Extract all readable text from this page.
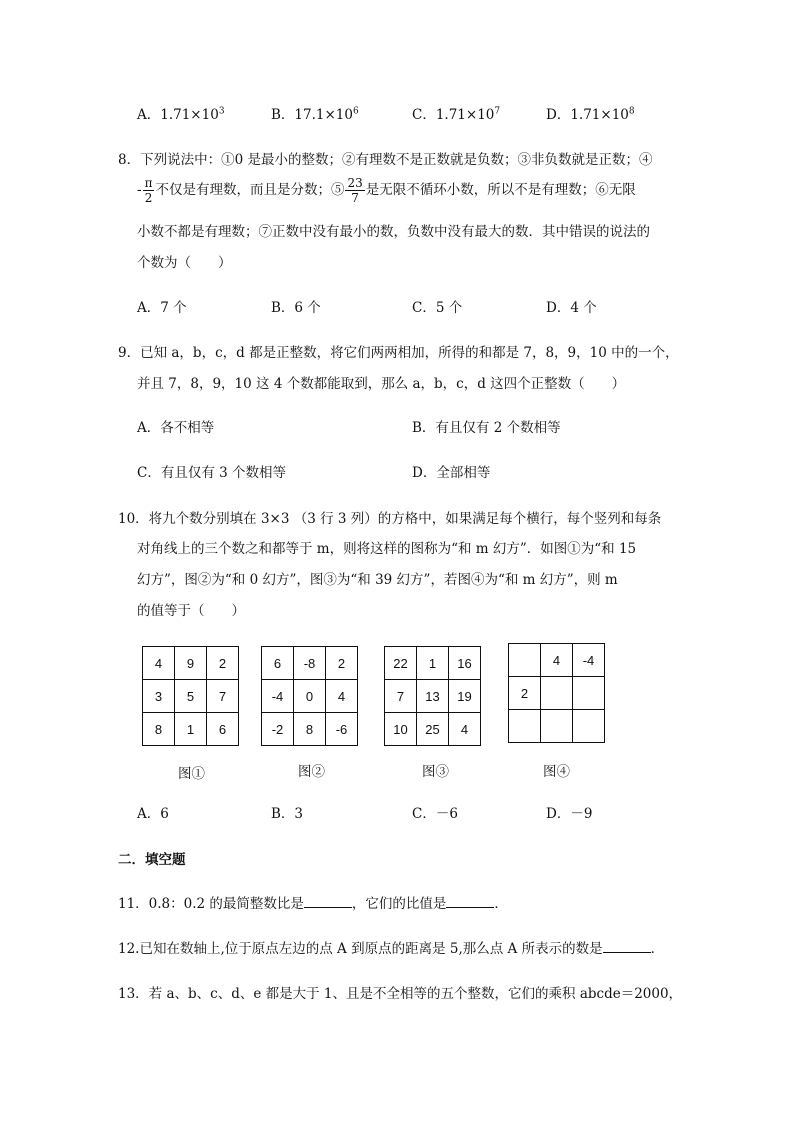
A．$1.71\times 10^3$	B．$17.1\times 10^6$	C．$1.71\times 10^7$	D．$1.71\times 10^8$
8．下列说法中：①0 是最小的整数；②有理数不是正数就是负数；③非负数就是正数；④
- $\frac{\pi}{2}$ 不仅是有理数，而且是分数；⑤ $\frac{23}{7}$ 是无限不循环小数，所以不是有理数；⑥无限
小数不都是有理数；⑦正数中没有最小的数，负数中没有最大的数．其中错误的说法的
个数为（　　）
A．7 个	B．6 个	C．5 个	D．4 个
9．已知 a，b，c，d 都是正整数，将它们两两相加，所得的和都是 7，8，9，10 中的一个，
并且 7，8，9，10 这 4 个数都能取到，那么 a，b，c，d 这四个正整数（　　）
A．各不相等	B．有且仅有 2 个数相等
C．有且仅有 3 个数相等	D．全部相等
10．将九个数分别填在 3×3 （3 行 3 列）的方格中，如果满足每个横行，每个竖列和每条
对角线上的三个数之和都等于 m，则将这样的图称为“和 m 幻方”．如图①为“和 15
幻方”，图②为“和 0 幻方”，图③为“和 39 幻方”，若图④为“和 m 幻方”，则 m
的值等于（　　）
4	9	2
3	5	7
8	1	6
6	-8	2
-4	0	4
-2	8	-6
22	1	16
7	13	19
10	25	4
	4	-4
2		

图①	图②	图③	图④
A．6	B．3	C．－6	D．－9
二．填空题
11．0.8：0.2 的最简整数比是	，它们的比值是	．
12.已知在数轴上,位于原点左边的点 A 到原点的距离是 5,那么点 A 所表示的数是	．
13．若 a、b、c、d、e 都是大于 1、且是不全相等的五个整数，它们的乘积 abcde＝2000，
